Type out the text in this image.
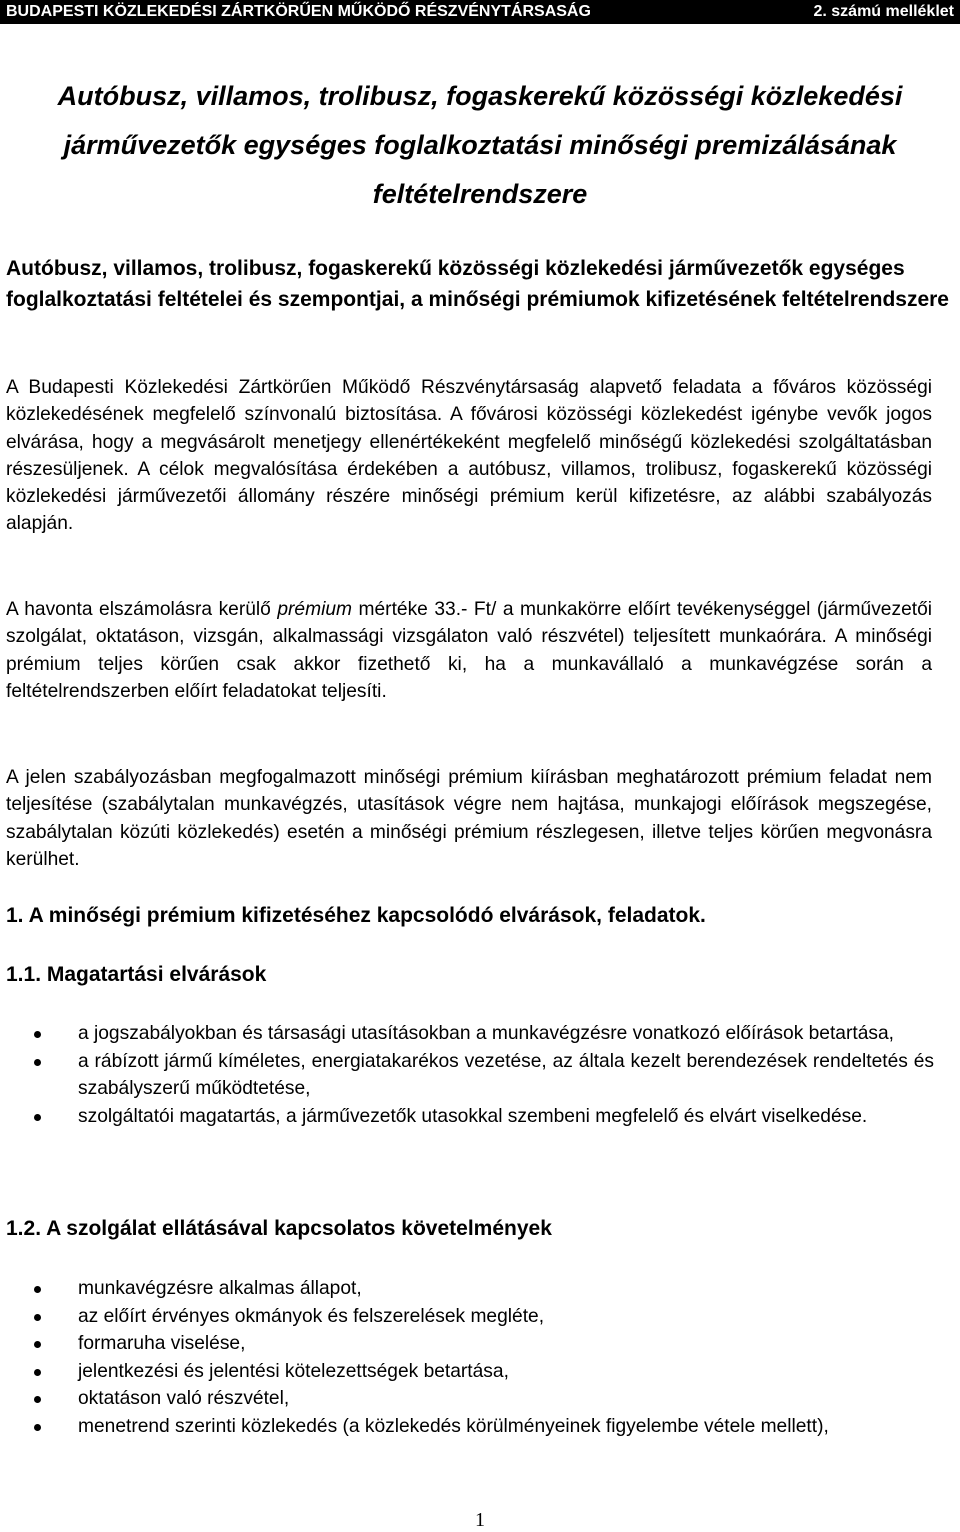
BUDAPESTI KÖZLEKEDÉSI ZÁRTKÖRŰEN MŰKÖDŐ RÉSZVÉNYTÁRSASÁG	2. számú melléklet
Autóbusz, villamos, trolibusz, fogaskerekű közösségi közlekedési
járművezetők egységes foglalkoztatási minőségi premizálásának
feltételrendszere
Autóbusz, villamos, trolibusz, fogaskerekű közösségi közlekedési járművezetők egységes foglalkoztatási feltételei és szempontjai, a minőségi prémiumok kifizetésének feltételrendszere
A Budapesti Közlekedési Zártkörűen Működő Részvénytársaság alapvető feladata a főváros közösségi közlekedésének megfelelő színvonalú biztosítása. A fővárosi közösségi közlekedést igénybe vevők jogos elvárása, hogy a megvásárolt menetjegy ellenértékeként megfelelő minőségű közlekedési szolgáltatásban részesüljenek. A célok megvalósítása érdekében a autóbusz, villamos, trolibusz, fogaskerekű közösségi közlekedési járművezetői állomány részére minőségi prémium kerül kifizetésre, az alábbi szabályozás alapján.
A havonta elszámolásra kerülő prémium mértéke 33.- Ft/ a munkakörre előírt tevékenységgel (járművezetői szolgálat, oktatáson, vizsgán, alkalmassági vizsgálaton való részvétel) teljesített munkaórára. A minőségi prémium teljes körűen csak akkor fizethető ki, ha a munkavállaló a munkavégzése során a feltételrendszerben előírt feladatokat teljesíti.
A jelen szabályozásban megfogalmazott minőségi prémium kiírásban meghatározott prémium feladat nem teljesítése (szabálytalan munkavégzés, utasítások végre nem hajtása, munkajogi előírások megszegése, szabálytalan közúti közlekedés) esetén a minőségi prémium részlegesen, illetve teljes körűen megvonásra kerülhet.
1. A minőségi prémium kifizetéséhez kapcsolódó elvárások, feladatok.
1.1. Magatartási elvárások
a jogszabályokban és társasági utasításokban a munkavégzésre vonatkozó előírások betartása,
a rábízott jármű kíméletes, energiatakarékos vezetése, az általa kezelt berendezések rendeltetés és szabályszerű működtetése,
szolgáltatói magatartás, a járművezetők utasokkal szembeni megfelelő és elvárt viselkedése.
1.2. A szolgálat ellátásával kapcsolatos követelmények
munkavégzésre alkalmas állapot,
az előírt érvényes okmányok és felszerelések megléte,
formaruha viselése,
jelentkezési és jelentési kötelezettségek betartása,
oktatáson való részvétel,
menetrend szerinti közlekedés (a közlekedés körülményeinek figyelembe vétele mellett),
1
